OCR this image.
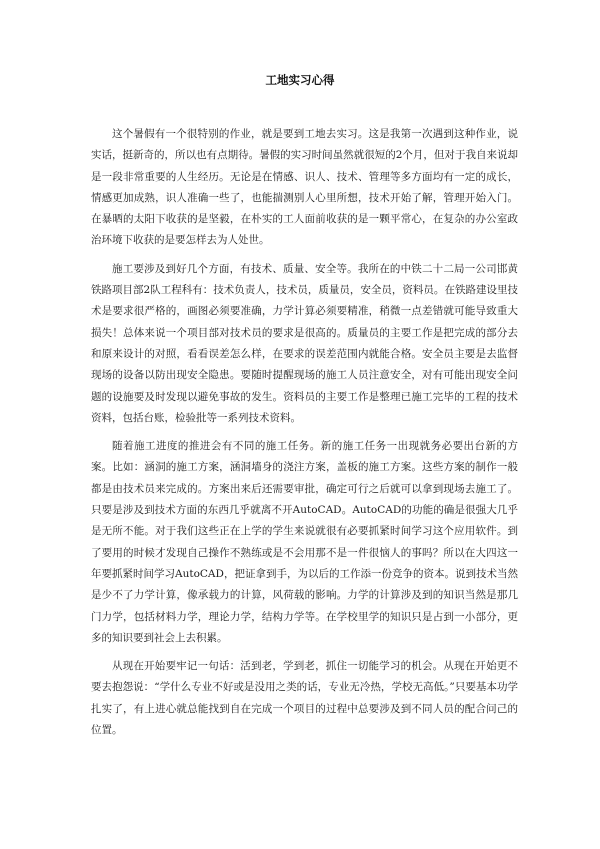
工地实习心得

这个暑假有一个很特别的作业，就是要到工地去实习。这是我第一次遇到这种作业，说实话，挺新奇的，所以也有点期待。暑假的实习时间虽然就很短的2个月，但对于我自来说却是一段非常重要的人生经历。无论是在情感、识人、技术、管理等多方面均有一定的成长，情感更加成熟，识人准确一些了，也能揣测别人心里所想，技术开始了解，管理开始入门。在暴晒的太阳下收获的是坚毅，在朴实的工人面前收获的是一颗平常心，在复杂的办公室政治环境下收获的是要怎样去为人处世。

施工要涉及到好几个方面，有技术、质量、安全等。我所在的中铁二十二局一公司邯黄铁路项目部2队工程科有：技术负责人，技术员，质量员，安全员，资料员。在铁路建设里技术是要求很严格的，画图必须要准确，力学计算必须要精准，稍微一点差错就可能导致重大损失！总体来说一个项目部对技术员的要求是很高的。质量员的主要工作是把完成的部分去和原来设计的对照，看看误差怎么样，在要求的误差范围内就能合格。安全员主要是去监督现场的设备以防出现安全隐患。要随时提醒现场的施工人员注意安全，对有可能出现安全问题的设施要及时发现以避免事故的发生。资料员的主要工作是整理已施工完毕的工程的技术资料，包括台账，检验批等一系列技术资料。

随着施工进度的推进会有不同的施工任务。新的施工任务一出现就务必要出台新的方案。比如：涵洞的施工方案，涵洞墙身的浇注方案，盖板的施工方案。这些方案的制作一般都是由技术员来完成的。方案出来后还需要审批，确定可行之后就可以拿到现场去施工了。只要是涉及到技术方面的东西几乎就离不开AutoCAD。AutoCAD的功能的确是很强大几乎是无所不能。对于我们这些正在上学的学生来说就很有必要抓紧时间学习这个应用软件。到了要用的时候才发现自己操作不熟练或是不会用那不是一件很恼人的事吗？所以在大四这一年要抓紧时间学习AutoCAD，把证拿到手，为以后的工作添一份竞争的资本。说到技术当然是少不了力学计算，像承载力的计算，风荷载的影响。力学的计算涉及到的知识当然是那几门力学，包括材料力学，理论力学，结构力学等。在学校里学的知识只是占到一小部分，更多的知识要到社会上去积累。

从现在开始要牢记一句话：活到老，学到老，抓住一切能学习的机会。从现在开始更不要去抱怨说：“学什么专业不好或是没用之类的话，专业无冷热，学校无高低。”只要基本功学扎实了，有上进心就总能找到自在完成一个项目的过程中总要涉及到不同人员的配合问己的位置。
